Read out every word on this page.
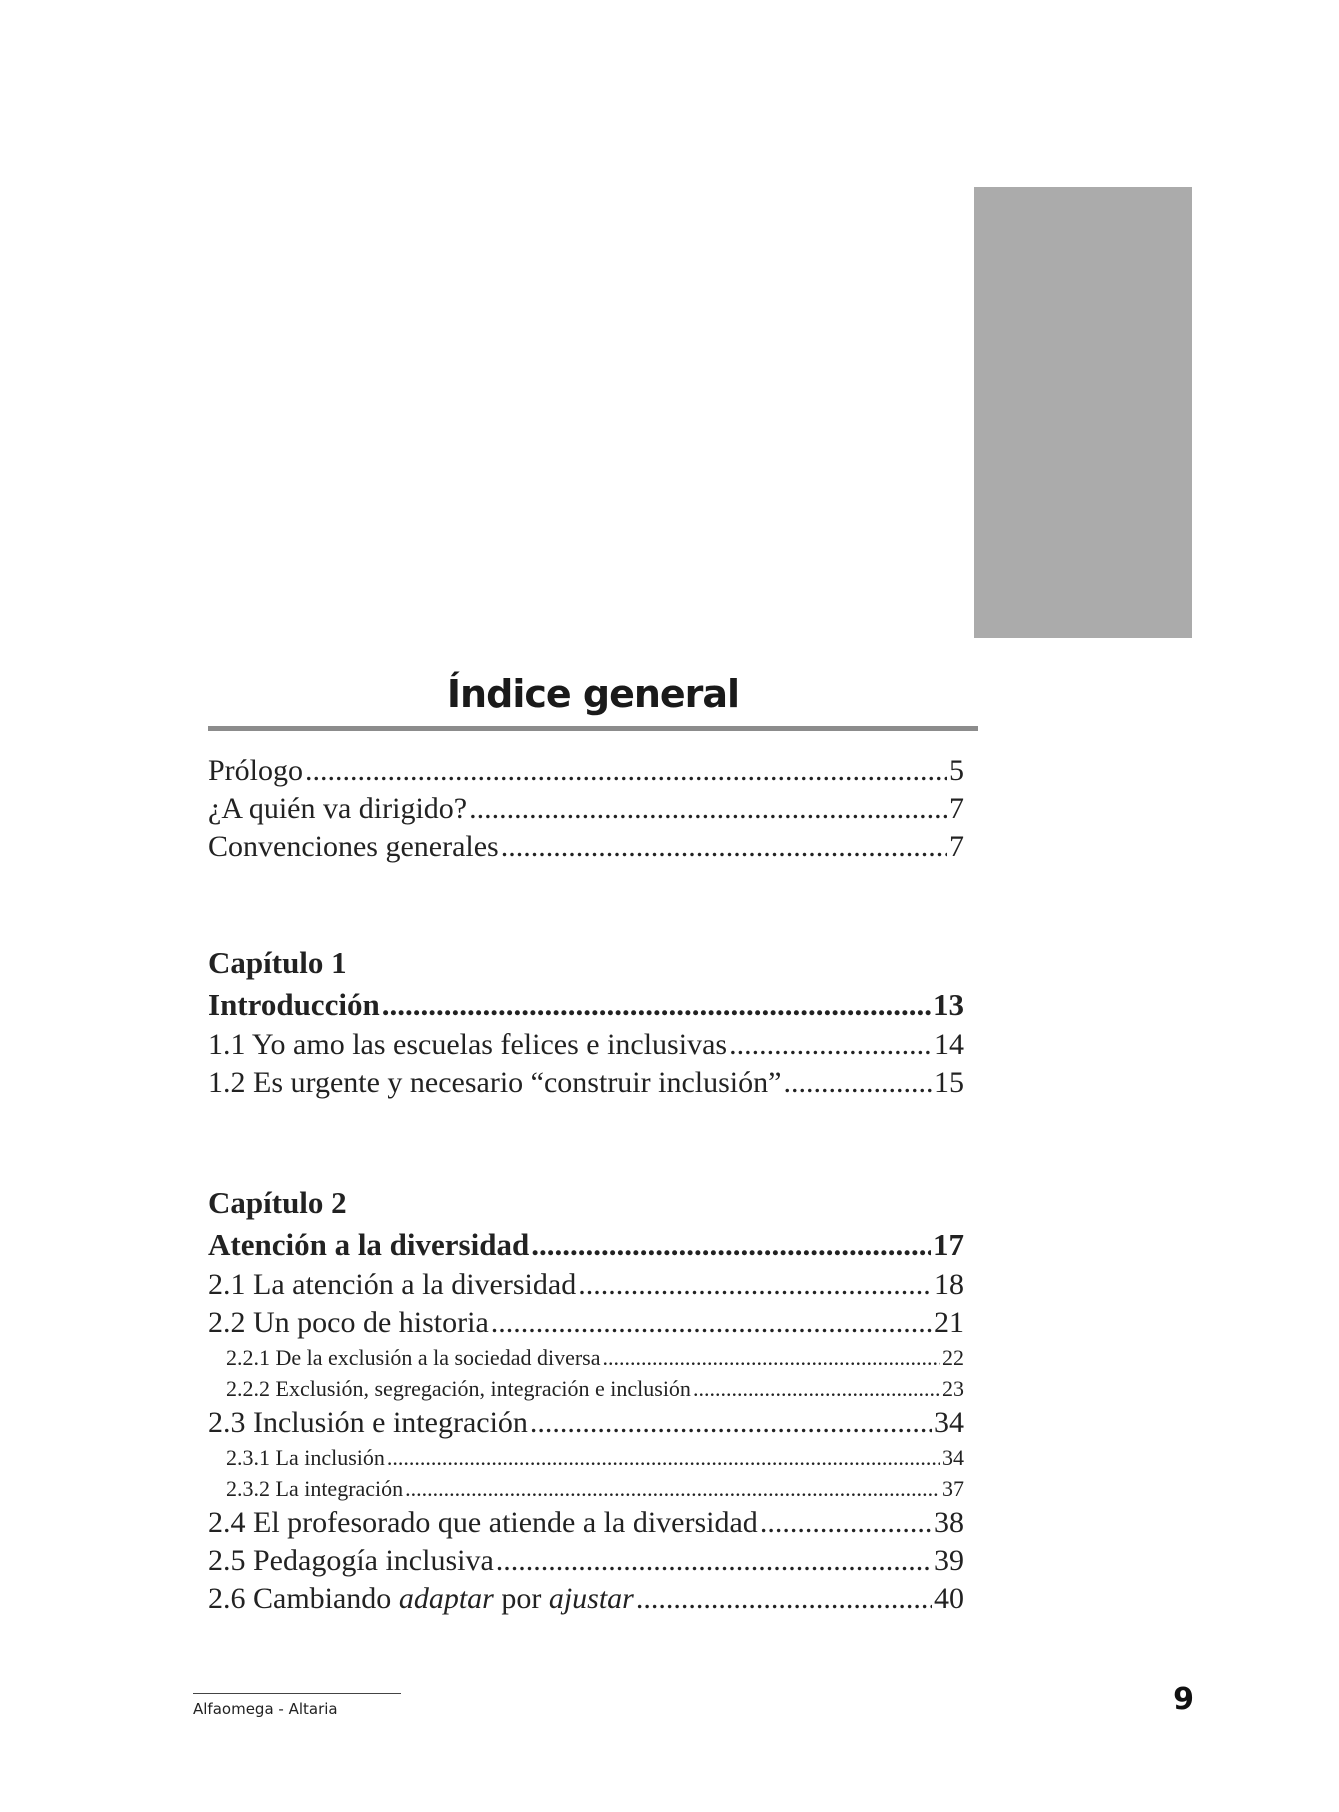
Índice general
Prólogo .....	5
¿A quién va dirigido? .....	7
Convenciones generales .....	7
Capítulo 1
Introducción .....	13
1.1 Yo amo las escuelas felices e inclusivas .....	14
1.2 Es urgente y necesario “construir inclusión” .....	15
Capítulo 2
Atención a la diversidad .....	17
2.1 La atención a la diversidad .....	18
2.2 Un poco de historia .....	21
2.2.1 De la exclusión a la sociedad diversa .....	22
2.2.2 Exclusión, segregación, integración e inclusión .....	23
2.3 Inclusión e integración .....	34
2.3.1 La inclusión .....	34
2.3.2 La integración .....	37
2.4 El profesorado que atiende a la diversidad .....	38
2.5 Pedagogía inclusiva .....	39
2.6 Cambiando adaptar por ajustar .....	40
Alfaomega - Altaria	9
